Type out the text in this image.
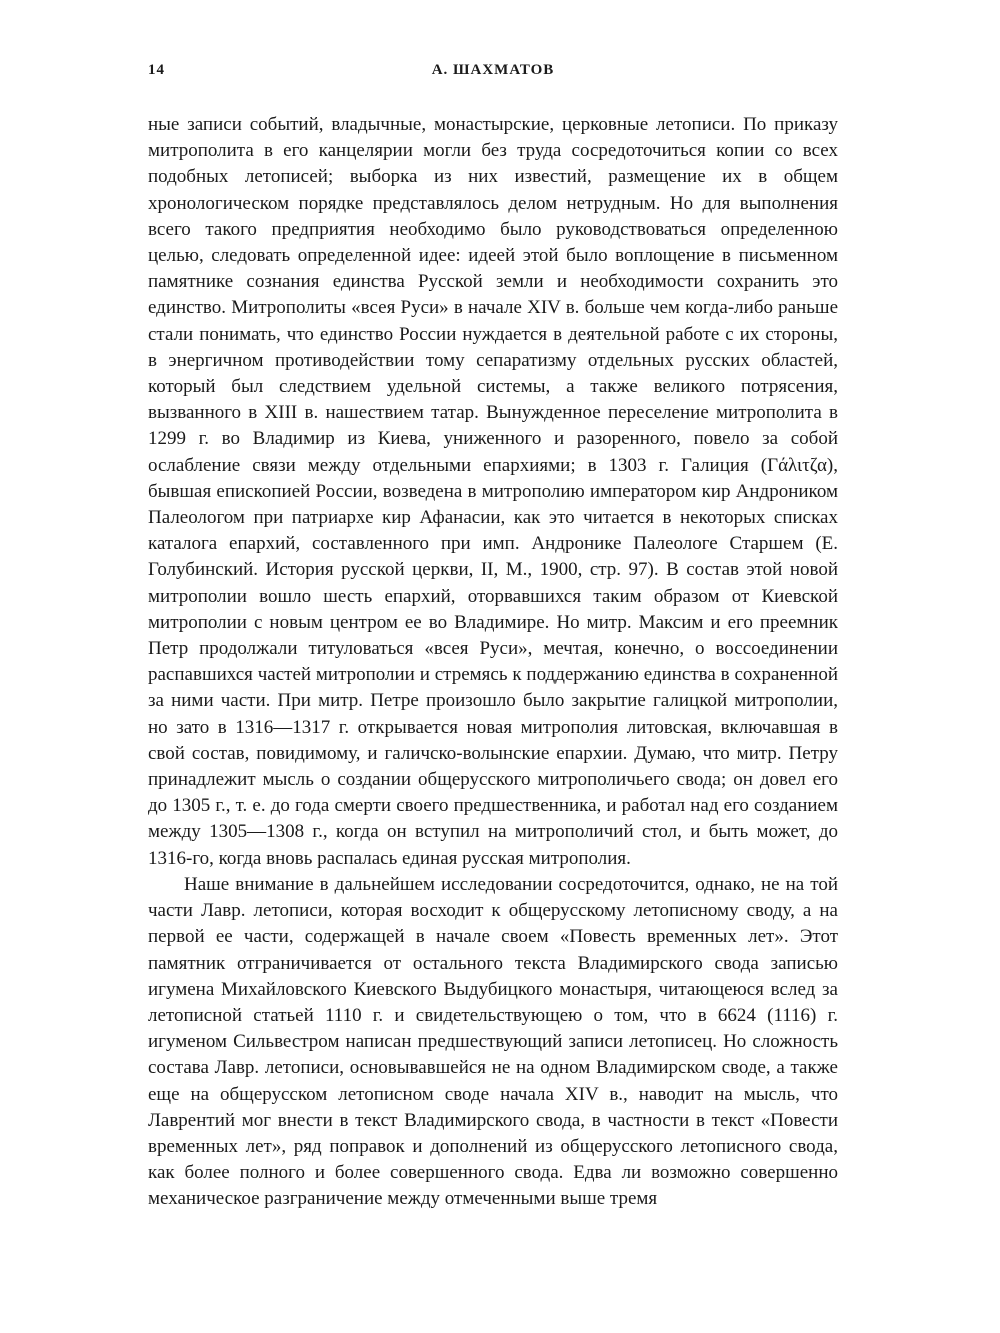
14	А. ШАХМАТОВ

ные записи событий, владычные, монастырские, церковные летописи. По приказу митрополита в его канцелярии могли без труда сосредоточиться копии со всех подобных летописей; выборка из них известий, размещение их в общем хронологическом порядке представлялось делом нетрудным. Но для выполнения всего такого предприятия необходимо было руководствоваться определенною целью, следовать определенной идее: идеей этой было воплощение в письменном памятнике сознания единства Русской земли и необходимости сохранить это единство. Митрополиты «всея Руси» в начале XIV в. больше чем когда-либо раньше стали понимать, что единство России нуждается в деятельной работе с их стороны, в энергичном противодействии тому сепаратизму отдельных русских областей, который был следствием удельной системы, а также великого потрясения, вызванного в XIII в. нашествием татар. Вынужденное переселение митрополита в 1299 г. во Владимир из Киева, униженного и разоренного, повело за собой ослабление связи между отдельными епархиями; в 1303 г. Галиция (Γάλιτζα), бывшая епископией России, возведена в митрополию императором кир Андроником Палеологом при патриархе кир Афанасии, как это читается в некоторых списках каталога епархий, составленного при имп. Андронике Палеологе Старшем (Е. Голубинский. История русской церкви, II, М., 1900, стр. 97). В состав этой новой митрополии вошло шесть епархий, оторвавшихся таким образом от Киевской митрополии с новым центром ее во Владимире. Но митр. Максим и его преемник Петр продолжали титуловаться «всея Руси», мечтая, конечно, о воссоединении распавшихся частей митрополии и стремясь к поддержанию единства в сохраненной за ними части. При митр. Петре произошло было закрытие галицкой митрополии, но зато в 1316—1317 г. открывается новая митрополия литовская, включавшая в свой состав, повидимому, и галичско-волынские епархии. Думаю, что митр. Петру принадлежит мысль о создании общерусского митрополичьего свода; он довел его до 1305 г., т. е. до года смерти своего предшественника, и работал над его созданием между 1305—1308 г., когда он вступил на митрополичий стол, и быть может, до 1316-го, когда вновь распалась единая русская митрополия.

Наше внимание в дальнейшем исследовании сосредоточится, однако, не на той части Лавр. летописи, которая восходит к общерусскому летописному своду, а на первой ее части, содержащей в начале своем «Повесть временных лет». Этот памятник отграничивается от остального текста Владимирского свода записью игумена Михайловского Киевского Выдубицкого монастыря, читающеюся вслед за летописной статьей 1110 г. и свидетельствующею о том, что в 6624 (1116) г. игуменом Сильвестром написан предшествующий записи летописец. Но сложность состава Лавр. летописи, основывавшейся не на одном Владимирском своде, а также еще на общерусском летописном своде начала XIV в., наводит на мысль, что Лаврентий мог внести в текст Владимирского свода, в частности в текст «Повести временных лет», ряд поправок и дополнений из общерусского летописного свода, как более полного и более совершенного свода. Едва ли возможно совершенно механическое разграничение между отмеченными выше тремя
